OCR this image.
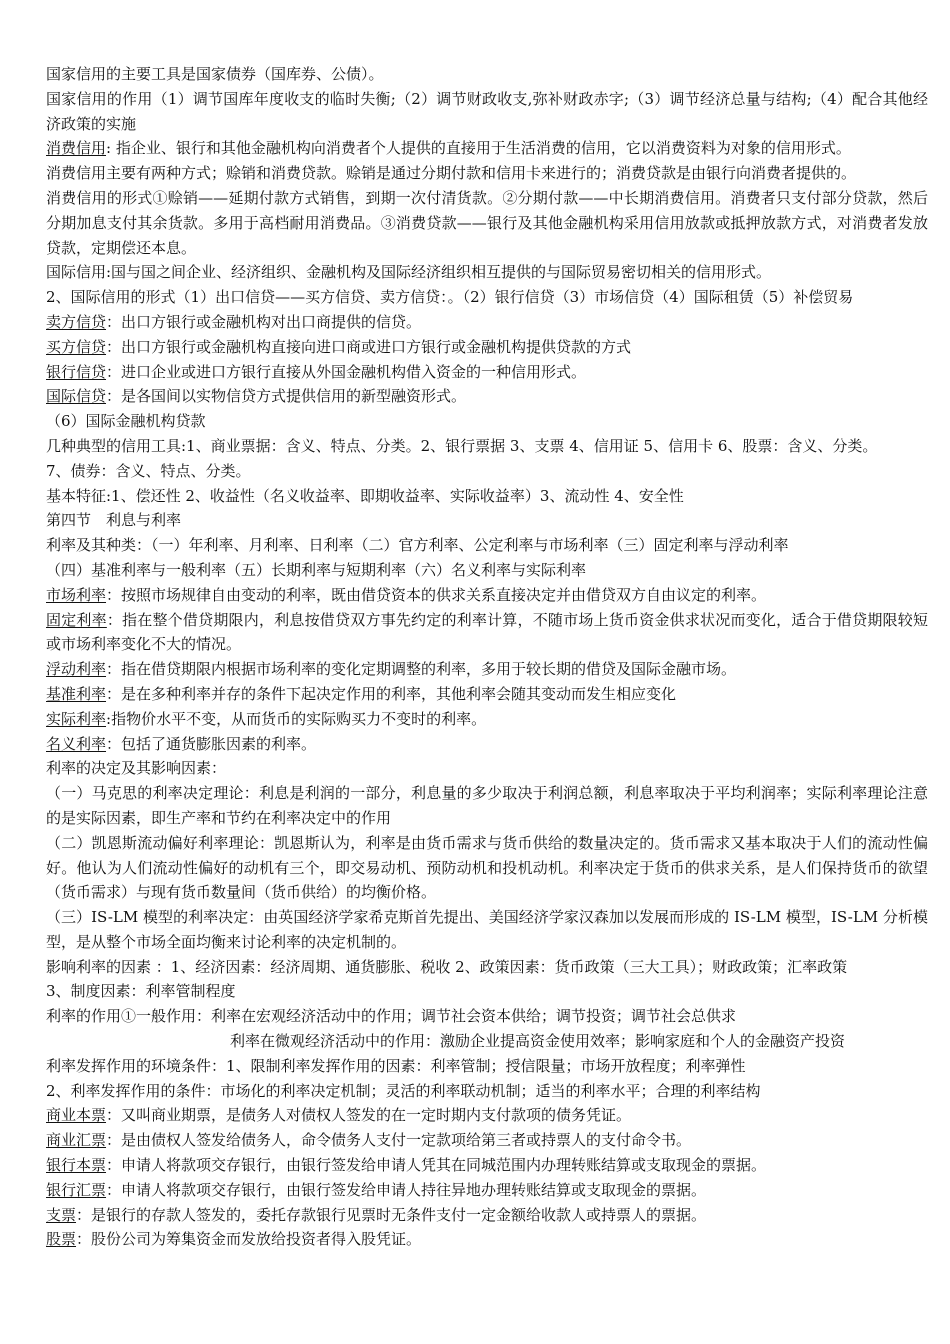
国家信用的主要工具是国家债券（国库券、公债）。
国家信用的作用（1）调节国库年度收支的临时失衡;（2）调节财政收支,弥补财政赤字;（3）调节经济总量与结构;（4）配合其他经济政策的实施
消费信用: 指企业、银行和其他金融机构向消费者个人提供的直接用于生活消费的信用，它以消费资料为对象的信用形式。
消费信用主要有两种方式；赊销和消费贷款。赊销是通过分期付款和信用卡来进行的；消费贷款是由银行向消费者提供的。
消费信用的形式①赊销——延期付款方式销售，到期一次付清货款。②分期付款——中长期消费信用。消费者只支付部分贷款，然后分期加息支付其余货款。多用于高档耐用消费品。③消费贷款——银行及其他金融机构采用信用放款或抵押放款方式，对消费者发放贷款，定期偿还本息。
国际信用:国与国之间企业、经济组织、金融机构及国际经济组织相互提供的与国际贸易密切相关的信用形式。
2、国际信用的形式（1）出口信贷——买方信贷、卖方信贷：。（2）银行信贷（3）市场信贷（4）国际租赁（5）补偿贸易
卖方信贷：出口方银行或金融机构对出口商提供的信贷。
买方信贷：出口方银行或金融机构直接向进口商或进口方银行或金融机构提供贷款的方式
银行信贷：进口企业或进口方银行直接从外国金融机构借入资金的一种信用形式。
国际信贷：是各国间以实物信贷方式提供信用的新型融资形式。
（6）国际金融机构贷款
几种典型的信用工具:1、商业票据：含义、特点、分类。2、银行票据 3、支票 4、信用证 5、信用卡 6、股票：含义、分类。
7、债券：含义、特点、分类。
基本特征:1、偿还性 2、收益性（名义收益率、即期收益率、实际收益率）3、流动性 4、安全性
第四节　利息与利率
利率及其种类：（一）年利率、月利率、日利率（二）官方利率、公定利率与市场利率（三）固定利率与浮动利率
（四）基准利率与一般利率（五）长期利率与短期利率（六）名义利率与实际利率
市场利率：按照市场规律自由变动的利率，既由借贷资本的供求关系直接决定并由借贷双方自由议定的利率。
固定利率：指在整个借贷期限内，利息按借贷双方事先约定的利率计算，不随市场上货币资金供求状况而变化，适合于借贷期限较短或市场利率变化不大的情况。
浮动利率：指在借贷期限内根据市场利率的变化定期调整的利率，多用于较长期的借贷及国际金融市场。
基准利率：是在多种利率并存的条件下起决定作用的利率，其他利率会随其变动而发生相应变化
实际利率:指物价水平不变，从而货币的实际购买力不变时的利率。
名义利率：包括了通货膨胀因素的利率。
利率的决定及其影响因素：
（一）马克思的利率决定理论：利息是利润的一部分，利息量的多少取决于利润总额，利息率取决于平均利润率；实际利率理论注意的是实际因素，即生产率和节约在利率决定中的作用
（二）凯恩斯流动偏好利率理论：凯恩斯认为，利率是由货币需求与货币供给的数量决定的。货币需求又基本取决于人们的流动性偏好。他认为人们流动性偏好的动机有三个，即交易动机、预防动机和投机动机。利率决定于货币的供求关系，是人们保持货币的欲望（货币需求）与现有货币数量间（货币供给）的均衡价格。
（三）IS-LM 模型的利率决定：由英国经济学家希克斯首先提出、美国经济学家汉森加以发展而形成的 IS-LM 模型，IS-LM 分析模型，是从整个市场全面均衡来讨论利率的决定机制的。
影响利率的因素 ：1、经济因素：经济周期、通货膨胀、税收 2、政策因素：货币政策（三大工具）；财政政策；汇率政策
3、制度因素：利率管制程度
利率的作用①一般作用：利率在宏观经济活动中的作用；调节社会资本供给；调节投资；调节社会总供求
利率在微观经济活动中的作用：激励企业提高资金使用效率；影响家庭和个人的金融资产投资
利率发挥作用的环境条件：1、限制利率发挥作用的因素：利率管制；授信限量；市场开放程度；利率弹性
2、利率发挥作用的条件：市场化的利率决定机制；灵活的利率联动机制；适当的利率水平；合理的利率结构
商业本票：又叫商业期票，是债务人对债权人签发的在一定时期内支付款项的债务凭证。
商业汇票：是由债权人签发给债务人，命令债务人支付一定款项给第三者或持票人的支付命令书。
银行本票：申请人将款项交存银行，由银行签发给申请人凭其在同城范围内办理转账结算或支取现金的票据。
银行汇票：申请人将款项交存银行，由银行签发给申请人持往异地办理转账结算或支取现金的票据。
支票：是银行的存款人签发的，委托存款银行见票时无条件支付一定金额给收款人或持票人的票据。
股票：股份公司为筹集资金而发放给投资者得入股凭证。
